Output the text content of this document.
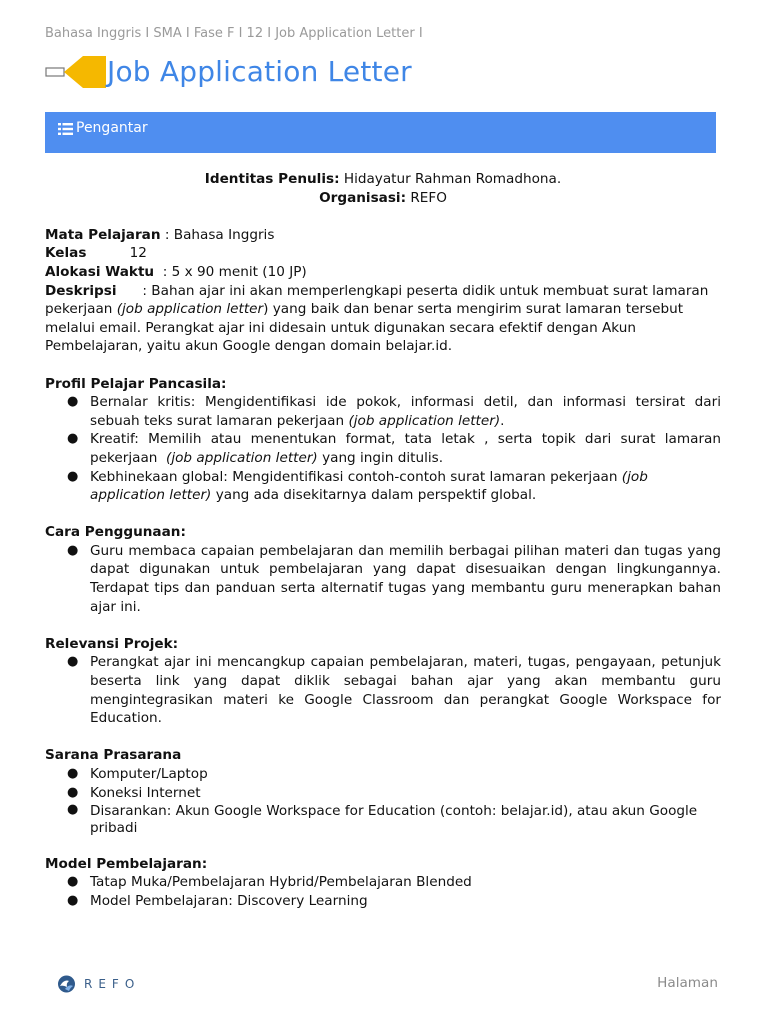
Bahasa Inggris I SMA I Fase F I 12 I Job Application Letter I
Job Application Letter
Pengantar
Identitas Penulis: Hidayatur Rahman Romadhona.
Organisasi: REFO
Mata Pelajaran : Bahasa Inggris
Kelas          12
Alokasi Waktu  : 5 x 90 menit (10 JP)
Deskripsi      : Bahan ajar ini akan memperlengkapi peserta didik untuk membuat surat lamaran pekerjaan (job application letter) yang baik dan benar serta mengirim surat lamaran tersebut melalui email. Perangkat ajar ini didesain untuk digunakan secara efektif dengan Akun Pembelajaran, yaitu akun Google dengan domain belajar.id.
Profil Pelajar Pancasila:
● Bernalar kritis: Mengidentifikasi ide pokok, informasi detil, dan informasi tersirat dari sebuah teks surat lamaran pekerjaan (job application letter).
● Kreatif: Memilih atau menentukan format, tata letak , serta topik dari surat lamaran pekerjaan  (job application letter) yang ingin ditulis.
● Kebhinekaan global: Mengidentifikasi contoh-contoh surat lamaran pekerjaan (job application letter) yang ada disekitarnya dalam perspektif global.
Cara Penggunaan:
● Guru membaca capaian pembelajaran dan memilih berbagai pilihan materi dan tugas yang dapat digunakan untuk pembelajaran yang dapat disesuaikan dengan lingkungannya. Terdapat tips dan panduan serta alternatif tugas yang membantu guru menerapkan bahan ajar ini.
Relevansi Projek:
● Perangkat ajar ini mencangkup capaian pembelajaran, materi, tugas, pengayaan, petunjuk beserta link yang dapat diklik sebagai bahan ajar yang akan membantu guru mengintegrasikan materi ke Google Classroom dan perangkat Google Workspace for Education.
Sarana Prasarana
● Komputer/Laptop
● Koneksi Internet
● Disarankan: Akun Google Workspace for Education (contoh: belajar.id), atau akun Google pribadi
Model Pembelajaran:
● Tatap Muka/Pembelajaran Hybrid/Pembelajaran Blended
● Model Pembelajaran: Discovery Learning
REFO	Halaman
